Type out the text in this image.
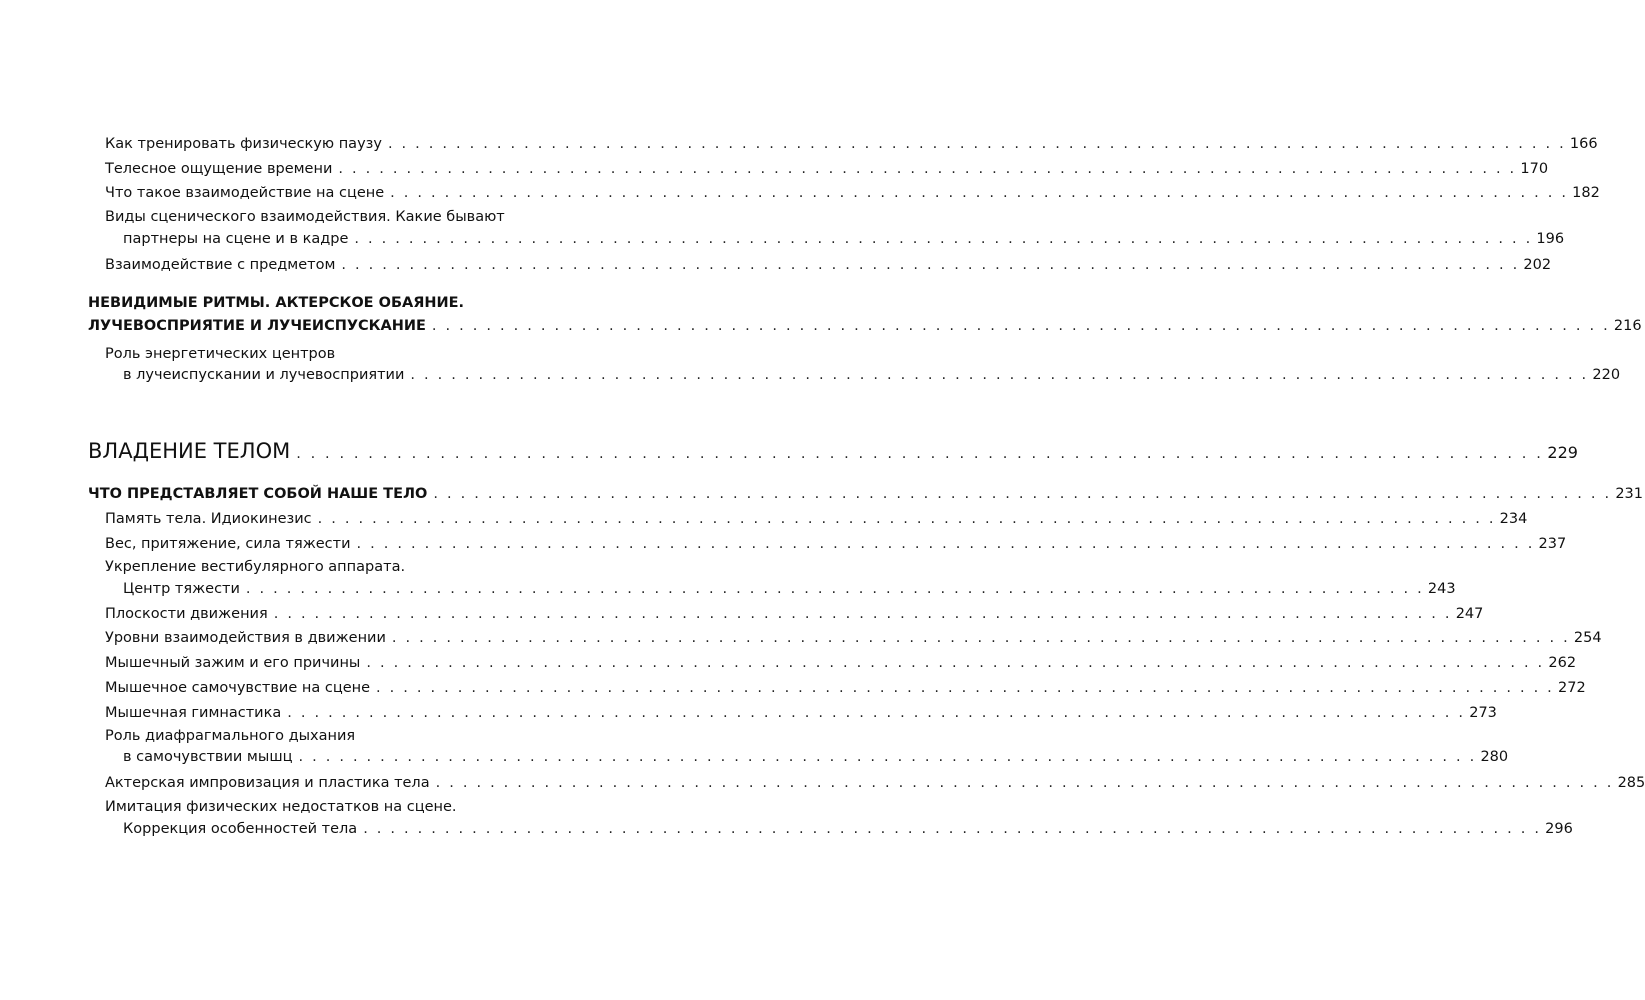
Как тренировать физическую паузу . . . . . . . . . . . . . . . . . . . . . . . . . . . . . . . . . . . . . . . . . . . . . . . . . . . . . . . . . . . . . . . . . . . . . . . . . . . . . . . . . . . . . . . 166
Телесное ощущение времени . . . . . . . . . . . . . . . . . . . . . . . . . . . . . . . . . . . . . . . . . . . . . . . . . . . . . . . . . . . . . . . . . . . . . . . . . . . . . . . . . . . . . . . 170
Что такое взаимодействие на сцене . . . . . . . . . . . . . . . . . . . . . . . . . . . . . . . . . . . . . . . . . . . . . . . . . . . . . . . . . . . . . . . . . . . . . . . . . . . . . . . . . . . . . . . 182
Виды сценического взаимодействия. Какие бывают
партнеры на сцене и в кадре . . . . . . . . . . . . . . . . . . . . . . . . . . . . . . . . . . . . . . . . . . . . . . . . . . . . . . . . . . . . . . . . . . . . . . . . . . . . . . . . . . . . . . . 196
Взаимодействие с предметом . . . . . . . . . . . . . . . . . . . . . . . . . . . . . . . . . . . . . . . . . . . . . . . . . . . . . . . . . . . . . . . . . . . . . . . . . . . . . . . . . . . . . . . 202
НЕВИДИМЫЕ РИТМЫ. АКТЕРСКОЕ ОБАЯНИЕ.
ЛУЧЕВОСПРИЯТИЕ И ЛУЧЕИСПУСКАНИЕ . . . . . . . . . . . . . . . . . . . . . . . . . . . . . . . . . . . . . . . . . . . . . . . . . . . . . . . . . . . . . . . . . . . . . . . . . . . . . . . . . . . . . . . 216
Роль энергетических центров
в лучеиспускании и лучевосприятии . . . . . . . . . . . . . . . . . . . . . . . . . . . . . . . . . . . . . . . . . . . . . . . . . . . . . . . . . . . . . . . . . . . . . . . . . . . . . . . . . . . . . . . 220
ВЛАДЕНИЕ ТЕЛОМ . . . . . . . . . . . . . . . . . . . . . . . . . . . . . . . . . . . . . . . . . . . . . . . . . . . . . . . . . . . . . . . . . . . . . . . . . . . . . . . . . . . . . . . 229
ЧТО ПРЕДСТАВЛЯЕТ СОБОЙ НАШЕ ТЕЛО . . . . . . . . . . . . . . . . . . . . . . . . . . . . . . . . . . . . . . . . . . . . . . . . . . . . . . . . . . . . . . . . . . . . . . . . . . . . . . . . . . . . . . . 231
Память тела. Идиокинезис . . . . . . . . . . . . . . . . . . . . . . . . . . . . . . . . . . . . . . . . . . . . . . . . . . . . . . . . . . . . . . . . . . . . . . . . . . . . . . . . . . . . . . . 234
Вес, притяжение, сила тяжести . . . . . . . . . . . . . . . . . . . . . . . . . . . . . . . . . . . . . . . . . . . . . . . . . . . . . . . . . . . . . . . . . . . . . . . . . . . . . . . . . . . . . . . 237
Укрепление вестибулярного аппарата.
Центр тяжести . . . . . . . . . . . . . . . . . . . . . . . . . . . . . . . . . . . . . . . . . . . . . . . . . . . . . . . . . . . . . . . . . . . . . . . . . . . . . . . . . . . . . . . 243
Плоскости движения . . . . . . . . . . . . . . . . . . . . . . . . . . . . . . . . . . . . . . . . . . . . . . . . . . . . . . . . . . . . . . . . . . . . . . . . . . . . . . . . . . . . . . . 247
Уровни взаимодействия в движении . . . . . . . . . . . . . . . . . . . . . . . . . . . . . . . . . . . . . . . . . . . . . . . . . . . . . . . . . . . . . . . . . . . . . . . . . . . . . . . . . . . . . . . 254
Мышечный зажим и его причины . . . . . . . . . . . . . . . . . . . . . . . . . . . . . . . . . . . . . . . . . . . . . . . . . . . . . . . . . . . . . . . . . . . . . . . . . . . . . . . . . . . . . . . 262
Мышечное самочувствие на сцене . . . . . . . . . . . . . . . . . . . . . . . . . . . . . . . . . . . . . . . . . . . . . . . . . . . . . . . . . . . . . . . . . . . . . . . . . . . . . . . . . . . . . . . 272
Мышечная гимнастика . . . . . . . . . . . . . . . . . . . . . . . . . . . . . . . . . . . . . . . . . . . . . . . . . . . . . . . . . . . . . . . . . . . . . . . . . . . . . . . . . . . . . . . 273
Роль диафрагмального дыхания
в самочувствии мышц . . . . . . . . . . . . . . . . . . . . . . . . . . . . . . . . . . . . . . . . . . . . . . . . . . . . . . . . . . . . . . . . . . . . . . . . . . . . . . . . . . . . . . . 280
Актерская импровизация и пластика тела . . . . . . . . . . . . . . . . . . . . . . . . . . . . . . . . . . . . . . . . . . . . . . . . . . . . . . . . . . . . . . . . . . . . . . . . . . . . . . . . . . . . . . . 285
Имитация физических недостатков на сцене.
Коррекция особенностей тела . . . . . . . . . . . . . . . . . . . . . . . . . . . . . . . . . . . . . . . . . . . . . . . . . . . . . . . . . . . . . . . . . . . . . . . . . . . . . . . . . . . . . . . 296
